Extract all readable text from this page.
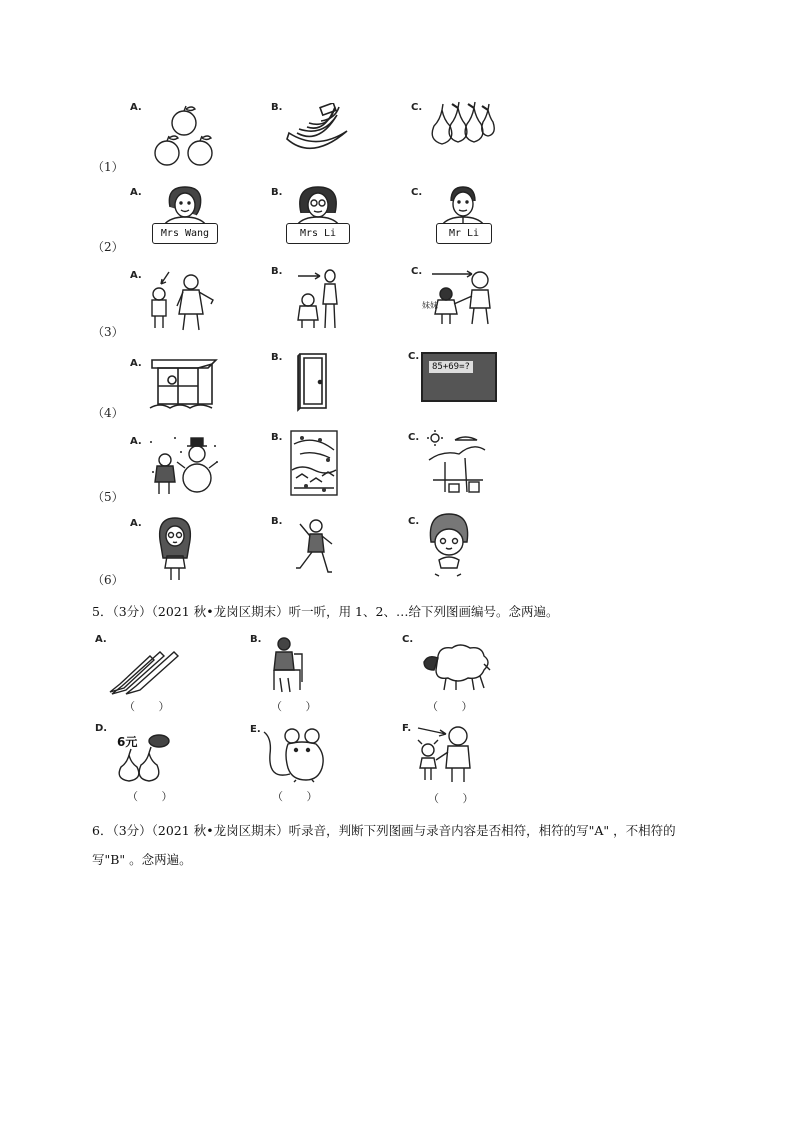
（1）
A.	B.	C.
（2）
A.
Mrs Wang
B.
Mrs Li
C.
Mr Li
（3）
A.	B.	C.
妹妹
（4）
A.
B.	C.
85+69=?
（5）
A.	B.	C.
（6）
A.	B.	C.
5．（3分）（2021 秋•龙岗区期末）听一听，用 1、2、…给下列图画编号。念两遍。
A.
（ ）
B.
（ ）
C.
（ ）
D.
6元
（ ）
E.
（ ）
F.
（ ）
6．（3分）（2021 秋•龙岗区期末）听录音，判断下列图画与录音内容是否相符，相符的写"A" ，不相符的
写"B" 。念两遍。
